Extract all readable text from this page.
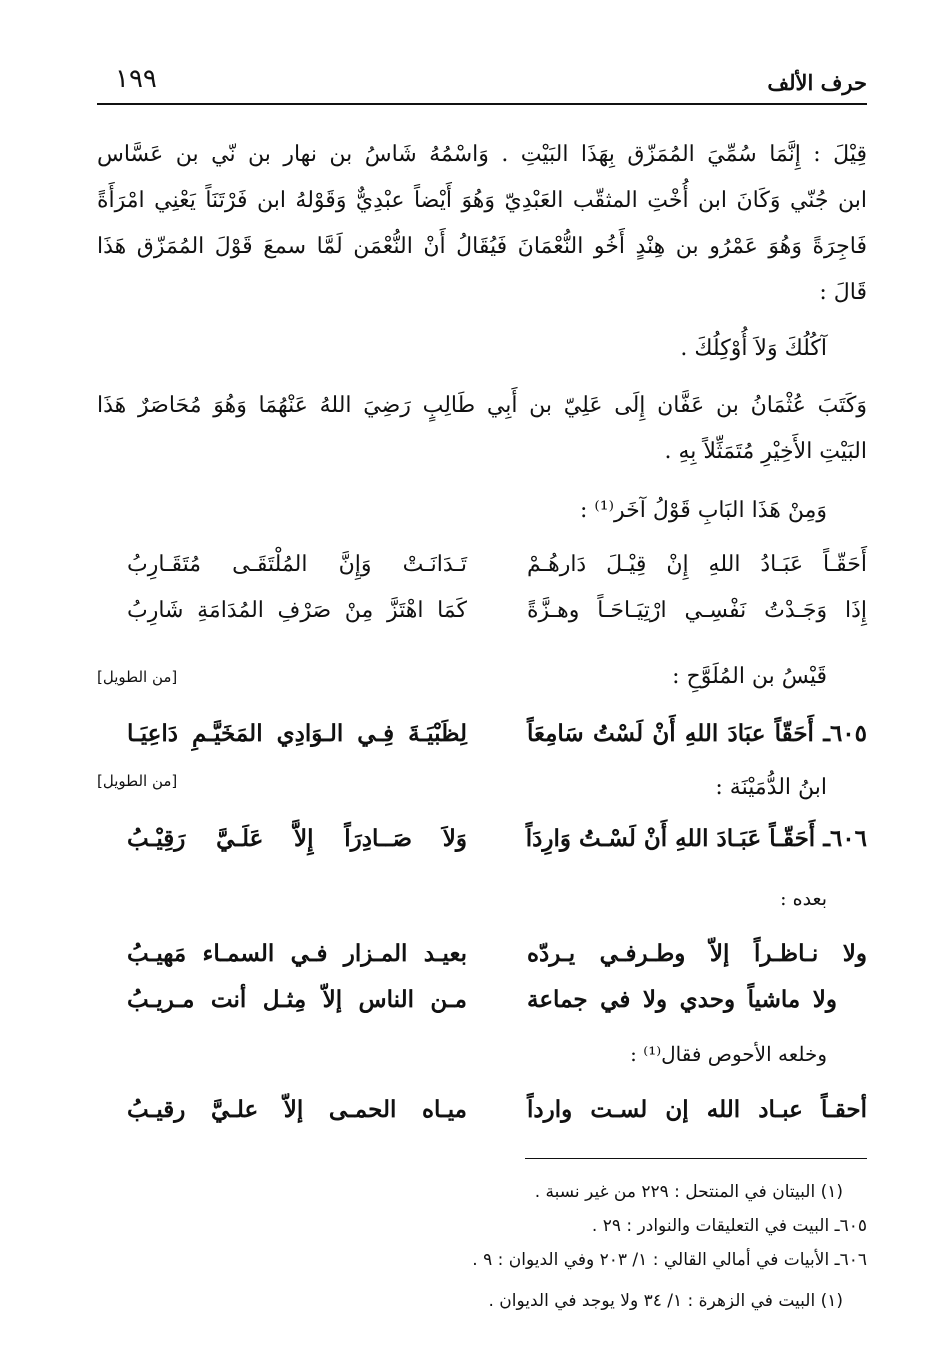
حرف الألف
١٩٩
قِيْلَ : إِنَّمَا سُمِّيَ المُمَزّق بِهَذَا البَيْتِ . وَاسْمُهُ شَاسُ بن نهار بن نّي بن عَسَّاس
ابن جُنّي وَكَانَ ابن أُخْتِ المثقّب العَبْدِيّ وَهُوَ أَيْضاً عبْدِيٌّ وَقَوْلهُ ابن فَرْتَنَاً يَعْنِي امْرَأَةً
فَاجِرَةً وَهُوَ عَمْرُو بن هِنْدٍ أَخُو النُّعْمَانَ فَيُقَالُ أَنْ النُّعْمَن لَمَّا سمعَ قَوْلَ المُمَزّق هَذَا
قَالَ :
آكُلُكَ وَلاَ أُوْكِلُكَ .
وَكَتَبَ عُثْمَانُ بن عَفَّان إِلَى عَلِيّ بن أَبِي طَالِبٍ رَضِيَ اللهُ عَنْهُمَا وَهُوَ مُحَاصَرٌ هَذَا
البَيْتِ الأَخِيْرِ مُتَمَثِّلاً بِهِ .
وَمِنْ هَذَا البَابِ قَوْلُ آخَر⁽¹⁾ :
أَحَقّـاً عَبَـادُ اللهِ إِنْ قِيْـلَ دَارهُـمْ
تَـدَانَـتْ وَإِنَّ المُلْتَقَـى مُتَقَـارِبُ
إِذَا وَجَـدْتُ نَفْسِـي ارْتِيَـاحَـاً وهـزَّةً
كَمَا اهْتَزَّ مِنْ صَرْفِ المُدَامَةِ شَارِبُ
قَيْسُ بن المُلَوَّحِ :
[من الطويل]
٦٠٥ـ أَحَقّاً عبَادَ اللهِ أَنْ لَسْتُ سَامِعَاً
لِظَبْيَـةَ فِـي الـوَادِي المَخَيَّـمِ دَاعِيَـا
ابنُ الدُّمَيْنَة :
[من الطويل]
٦٠٦ـ أَحَقّـاً عَبَـادَ اللهِ أَنْ لَسْـتُ وَارِدَاً
وَلاَ صَــادِرَاً إِلاَّ عَلَـيَّ رَقِيْـبُ
بعده :
ولا نـاظـراً إلاّ وطـرفـي يـردّه
بعيـد المـزار فـي السمـاء مَهيـبُ
ولا ماشياً وحدي ولا في جماعة
مـن الناس إلاّ مِثـل أنت مـريـبُ
وخلعه الأحوص فقال⁽¹⁾ :
أحقـاً عبـاد الله إن لسـت وارداً
ميـاه الحمـى إلاّ علـيَّ رقيـبُ
(١) البيتان في المنتحل : ٢٢٩ من غير نسبة .
٦٠٥ـ البيت في التعليقات والنوادر : ٢٩ .
٦٠٦ـ الأبيات في أمالي القالي : ١/ ٢٠٣ وفي الديوان : ٩ .
(١) البيت في الزهرة : ١/ ٣٤ ولا يوجد في الديوان .
